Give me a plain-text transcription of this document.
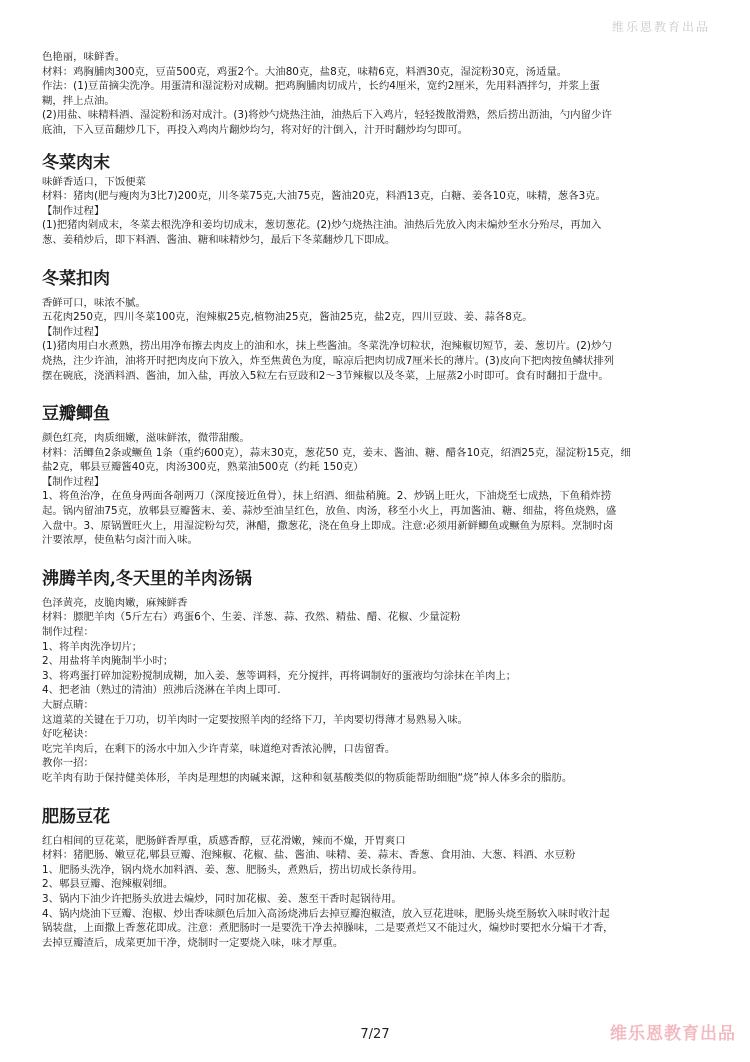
维乐恩教育出品
色艳丽，味鲜香。
材料：鸡胸脯肉300克，豆苗500克，鸡蛋2个。大油80克，盐8克，味精6克，料酒30克，湿淀粉30克，汤适量。
作法：(1)豆苗摘尖洗净。用蛋清和湿淀粉对成糊。把鸡胸脯肉切成片，长约4厘米，宽约2厘米，先用料酒拌匀，并浆上蛋
糊，拌上点油。
(2)用盐、味精料酒、湿淀粉和汤对成汁。(3)将炒勺烧热注油，油热后下入鸡片，轻轻拨散滑熟，然后捞出沥油，勺内留少许
底油，下入豆苗翻炒几下，再投入鸡肉片翻炒均匀，将对好的汁倒入，汁开时翻炒均匀即可。
冬菜肉末
味鲜香适口，下饭便菜
材料：猪肉(肥与瘦肉为3比7)200克，川冬菜75克,大油75克，酱油20克，料酒13克，白糖、姜各10克，味精，葱各3克。
【制作过程】
(1)把猪肉剁成末，冬菜去根洗净和姜均切成末，葱切葱花。(2)炒勺烧热注油。油热后先放入肉末煸炒至水分殆尽，再加入
葱、姜稍炒后，即下料酒、酱油、糖和味精炒匀，最后下冬菜翻炒几下即成。
冬菜扣肉
香鲜可口，味浓不腻。
五花肉250克，四川冬菜100克，泡辣椒25克,植物油25克，酱油25克，盐2克，四川豆豉、姜、蒜各8克。
【制作过程】
(1)猪肉用白水煮熟，捞出用净布擦去肉皮上的油和水，抹上些酱油。冬菜洗净切粒状，泡辣椒切短节，姜、葱切片。(2)炒勺
烧热，注少许油，油将开时把肉皮向下放入，炸至焦黄色为度，晾凉后把肉切成7厘米长的薄片。(3)皮向下把肉按鱼鳞状排列
摆在碗底，浇洒料酒、酱油，加入盐，再放入5粒左右豆豉和2～3节辣椒以及冬菜，上屉蒸2小时即可。食有时翻扣于盘中。
豆瓣鲫鱼
颜色红亮，肉质细嫩，滋味鲜浓，微带甜酸。
材料：活鲫鱼2条或鳜鱼 1条（重约600克），蒜末30克，葱花50 克，姜末、酱油、糖、醋各10克，绍酒25克，湿淀粉15克，细
盐2克，郫县豆瓣酱40克，肉汤300克，熟菜油500克（约耗 150克）
【制作过程】
1、将鱼治净，在鱼身两面各剞两刀（深度接近鱼骨），抹上绍酒、细盐稍腌。2、炒锅上旺火，下油烧至七成热，下鱼稍炸捞
起。锅内留油75克，放郫县豆瓣酱末、姜、蒜炒至油呈红色，放鱼、肉汤，移至小火上，再加酱油、糖、细盐，将鱼烧熟，盛
入盘中。3、原锅置旺火上，用湿淀粉勾芡，淋醋，撒葱花，浇在鱼身上即成。注意:必须用新鲜鲫鱼或鳜鱼为原料。烹制时卤
汁要浓厚，使鱼粘匀卤汁而入味。
沸腾羊肉,冬天里的羊肉汤锅
色泽黄亮，皮脆肉嫩，麻辣鲜香
材料：膘肥羊肉（5斤左右）鸡蛋6个、生姜、洋葱、蒜、孜然、精盐、醋、花椒、少量淀粉
制作过程：
1、将羊肉洗净切片；
2、用盐将羊肉腌制半小时；
3、将鸡蛋打碎加淀粉搅制成糊，加入姜、葱等调料，充分搅拌，再将调制好的蛋液均匀涂抹在羊肉上；
4、把老油（熟过的清油）煎沸后浇淋在羊肉上即可.
大厨点睛：
这道菜的关键在于刀功，切羊肉时一定要按照羊肉的经络下刀，羊肉要切得薄才易熟易入味。
好吃秘诀：
吃完羊肉后，在剩下的汤水中加入少许青菜，味道绝对香浓沁脾，口齿留香。
教你一招：
吃羊肉有助于保持健美体形，羊肉是理想的肉碱来源，这种和氨基酸类似的物质能帮助细胞“烧”掉人体多余的脂肪。
肥肠豆花
红白相间的豆花菜，肥肠鲜香厚重，质感香醇，豆花滑嫩，辣而不燥，开胃爽口
材料：猪肥肠、嫩豆花,郫县豆瓣、泡辣椒、花椒、盐、酱油、味精、姜、蒜末、香葱、食用油、大葱、料酒、水豆粉
1、肥肠头洗净，锅内烧水加料酒、姜、葱、肥肠头，煮熟后，捞出切成长条待用。
2、郫县豆瓣、泡辣椒剁细。
3、锅内下油少许把肠头放进去煸炒，同时加花椒、姜、葱至干香时起锅待用。
4、锅内烧油下豆瓣、泡椒、炒出香味颜色后加入高汤烧沸后去掉豆瓣泡椒渣，放入豆花进味，肥肠头烧至肠软入味时收汁起
锅装盘，上面撒上香葱花即成。注意：煮肥肠时一是要洗干净去掉臊味，二是要煮烂又不能过火，煸炒时要把水分煸干才香，
去掉豆瓣渣后，成菜更加干净，烧制时一定要烧入味，味才厚重。
7/27	维乐恩教育出品
